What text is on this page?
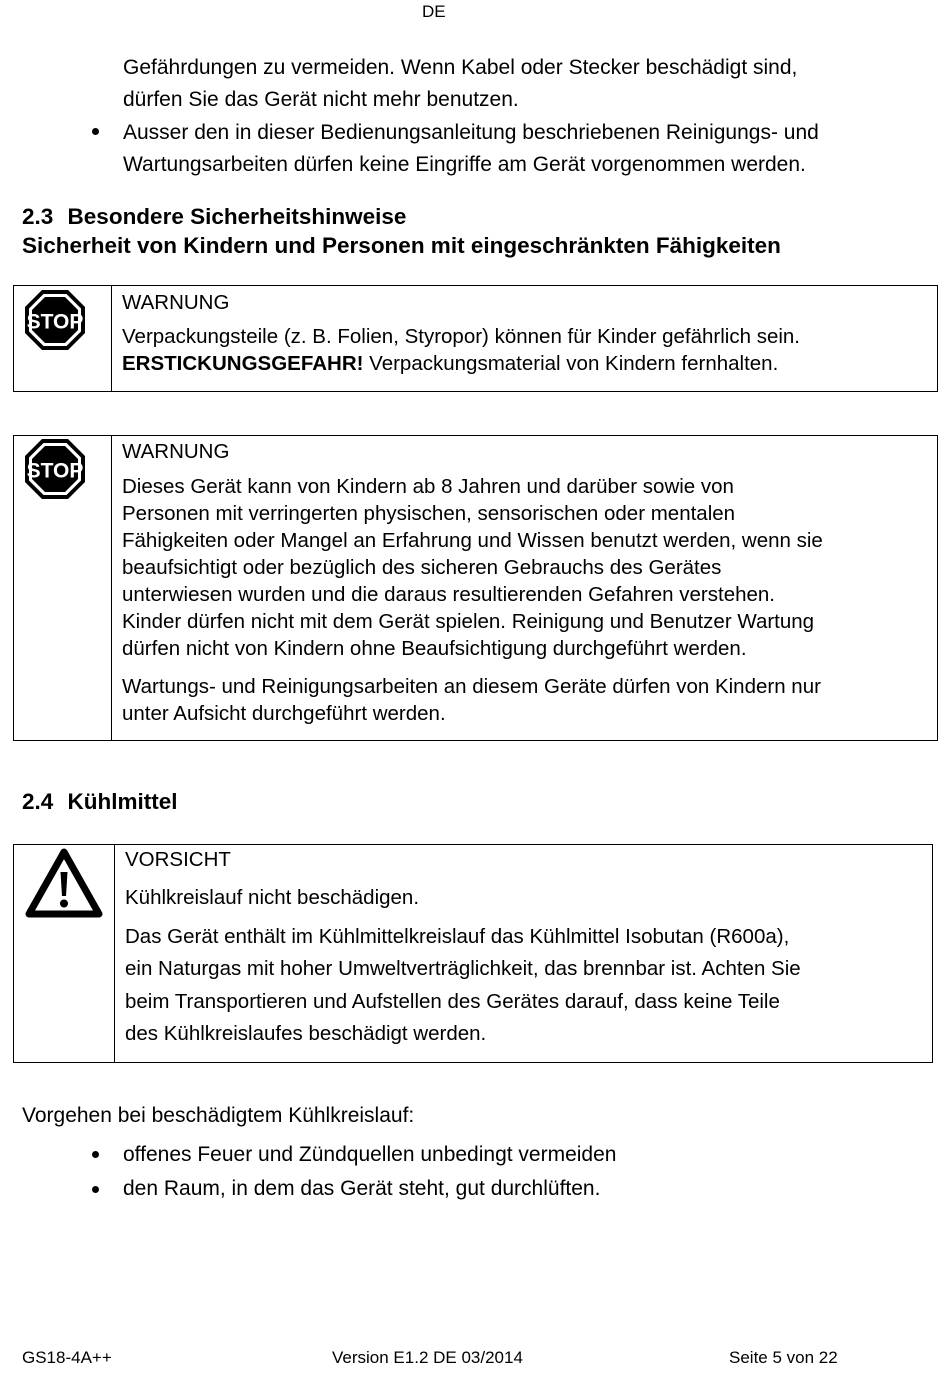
DE
Gefährdungen zu vermeiden. Wenn Kabel oder Stecker beschädigt sind,
dürfen Sie das Gerät nicht mehr benutzen.
Ausser den in dieser Bedienungsanleitung beschriebenen Reinigungs- und
Wartungsarbeiten dürfen keine Eingriffe am Gerät vorgenommen werden.
2.3 Besondere Sicherheitshinweise
Sicherheit von Kindern und Personen mit eingeschränkten Fähigkeiten
STOP
WARNUNG
Verpackungsteile (z. B. Folien, Styropor) können für Kinder gefährlich sein.
ERSTICKUNGSGEFAHR! Verpackungsmaterial von Kindern fernhalten.
STOP
WARNUNG
Dieses Gerät kann von Kindern ab 8 Jahren und darüber sowie von
Personen mit verringerten physischen, sensorischen oder mentalen
Fähigkeiten oder Mangel an Erfahrung und Wissen benutzt werden, wenn sie
beaufsichtigt oder bezüglich des sicheren Gebrauchs des Gerätes
unterwiesen wurden und die daraus resultierenden Gefahren verstehen.
Kinder dürfen nicht mit dem Gerät spielen. Reinigung und Benutzer Wartung
dürfen nicht von Kindern ohne Beaufsichtigung durchgeführt werden.
Wartungs- und Reinigungsarbeiten an diesem Geräte dürfen von Kindern nur
unter Aufsicht durchgeführt werden.
2.4 Kühlmittel
VORSICHT
Kühlkreislauf nicht beschädigen.
Das Gerät enthält im Kühlmittelkreislauf das Kühlmittel Isobutan (R600a),
ein Naturgas mit hoher Umweltverträglichkeit, das brennbar ist. Achten Sie
beim Transportieren und Aufstellen des Gerätes darauf, dass keine Teile
des Kühlkreislaufes beschädigt werden.
Vorgehen bei beschädigtem Kühlkreislauf:
offenes Feuer und Zündquellen unbedingt vermeiden
den Raum, in dem das Gerät steht, gut durchlüften.
GS18-4A++	Version E1.2 DE 03/2014	Seite 5 von 22
